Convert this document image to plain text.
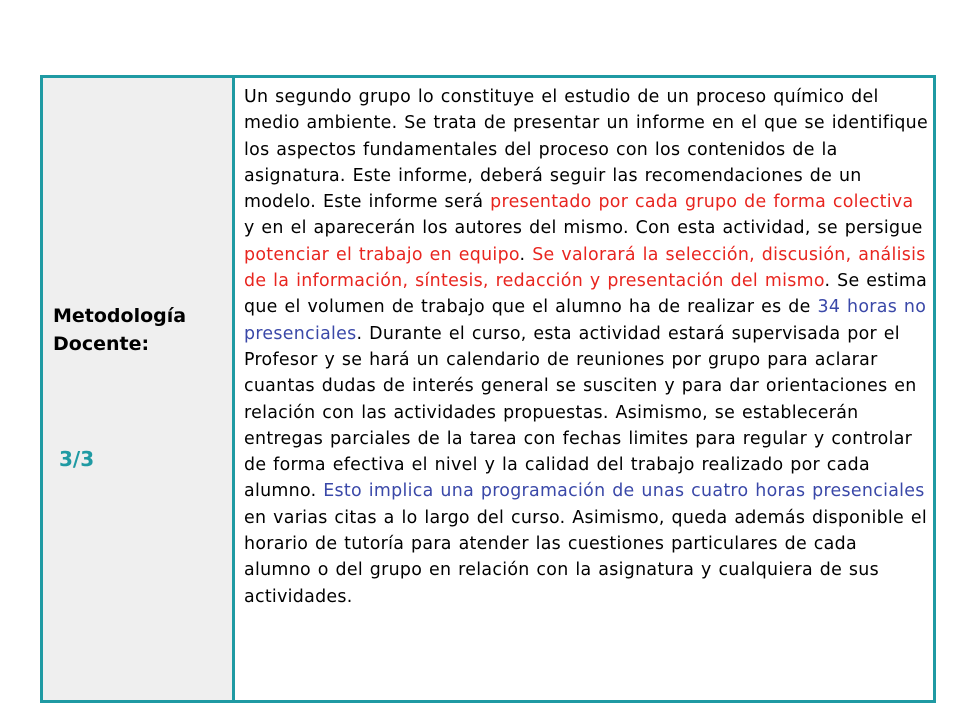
Metodología
Docente:
3/3

Un segundo grupo lo constituye el estudio de un proceso químico del medio ambiente. Se trata de presentar un informe en el que se identifique los aspectos fundamentales del proceso con los contenidos de la asignatura. Este informe, deberá seguir las recomendaciones de un modelo. Este informe será presentado por cada grupo de forma colectiva y en el aparecerán los autores del mismo. Con esta actividad, se persigue potenciar el trabajo en equipo. Se valorará la selección, discusión, análisis de la información, síntesis, redacción y presentación del mismo. Se estima que el volumen de trabajo que el alumno ha de realizar es de 34 horas no presenciales. Durante el curso, esta actividad estará supervisada por el Profesor y se hará un calendario de reuniones por grupo para aclarar cuantas dudas de interés general se susciten y para dar orientaciones en relación con las actividades propuestas. Asimismo, se establecerán entregas parciales de la tarea con fechas limites para regular y controlar de forma efectiva el nivel y la calidad del trabajo realizado por cada alumno. Esto implica una programación de unas cuatro horas presenciales en varias citas a lo largo del curso. Asimismo, queda además disponible el horario de tutoría para atender las cuestiones particulares de cada alumno o del grupo en relación con la asignatura y cualquiera de sus actividades.
